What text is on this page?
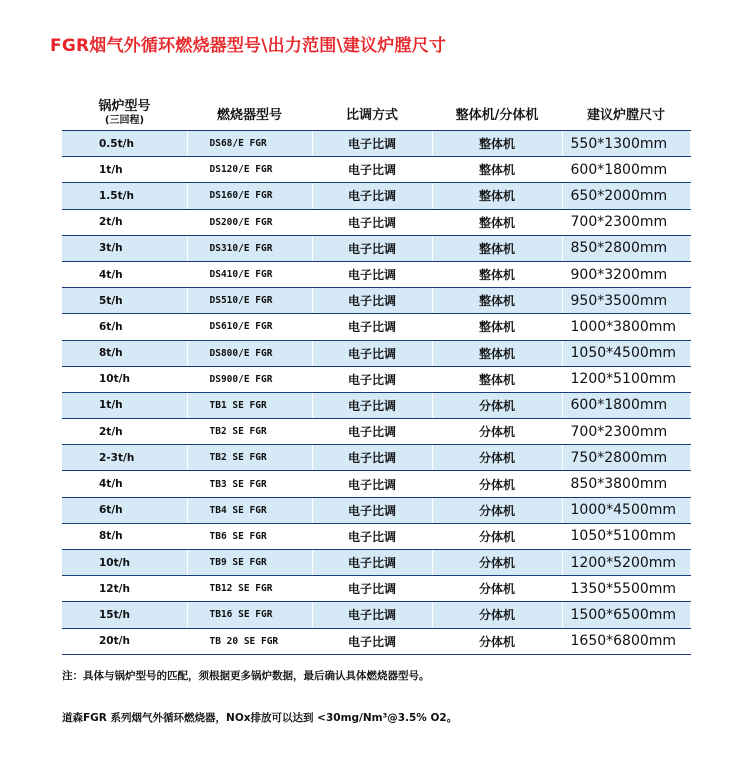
FGR烟气外循环燃烧器型号\出力范围\建议炉膛尺寸
锅炉型号
(三回程)	燃烧器型号	比调方式	整体机/分体机	建议炉膛尺寸
0.5t/h	DS68/E FGR	电子比调	整体机	550*1300mm
1t/h	DS120/E FGR	电子比调	整体机	600*1800mm
1.5t/h	DS160/E FGR	电子比调	整体机	650*2000mm
2t/h	DS200/E FGR	电子比调	整体机	700*2300mm
3t/h	DS310/E FGR	电子比调	整体机	850*2800mm
4t/h	DS410/E FGR	电子比调	整体机	900*3200mm
5t/h	DS510/E FGR	电子比调	整体机	950*3500mm
6t/h	DS610/E FGR	电子比调	整体机	1000*3800mm
8t/h	DS800/E FGR	电子比调	整体机	1050*4500mm
10t/h	DS900/E FGR	电子比调	整体机	1200*5100mm
1t/h	TB1 SE FGR	电子比调	分体机	600*1800mm
2t/h	TB2 SE FGR	电子比调	分体机	700*2300mm
2-3t/h	TB2 SE FGR	电子比调	分体机	750*2800mm
4t/h	TB3 SE FGR	电子比调	分体机	850*3800mm
6t/h	TB4 SE FGR	电子比调	分体机	1000*4500mm
8t/h	TB6 SE FGR	电子比调	分体机	1050*5100mm
10t/h	TB9 SE FGR	电子比调	分体机	1200*5200mm
12t/h	TB12 SE FGR	电子比调	分体机	1350*5500mm
15t/h	TB16 SE FGR	电子比调	分体机	1500*6500mm
20t/h	TB 20 SE FGR	电子比调	分体机	1650*6800mm
注：具体与锅炉型号的匹配，须根据更多锅炉数据，最后确认具体燃烧器型号。
道森FGR 系列烟气外循环燃烧器，NOx排放可以达到 <30mg/Nm³@3.5% O2。
